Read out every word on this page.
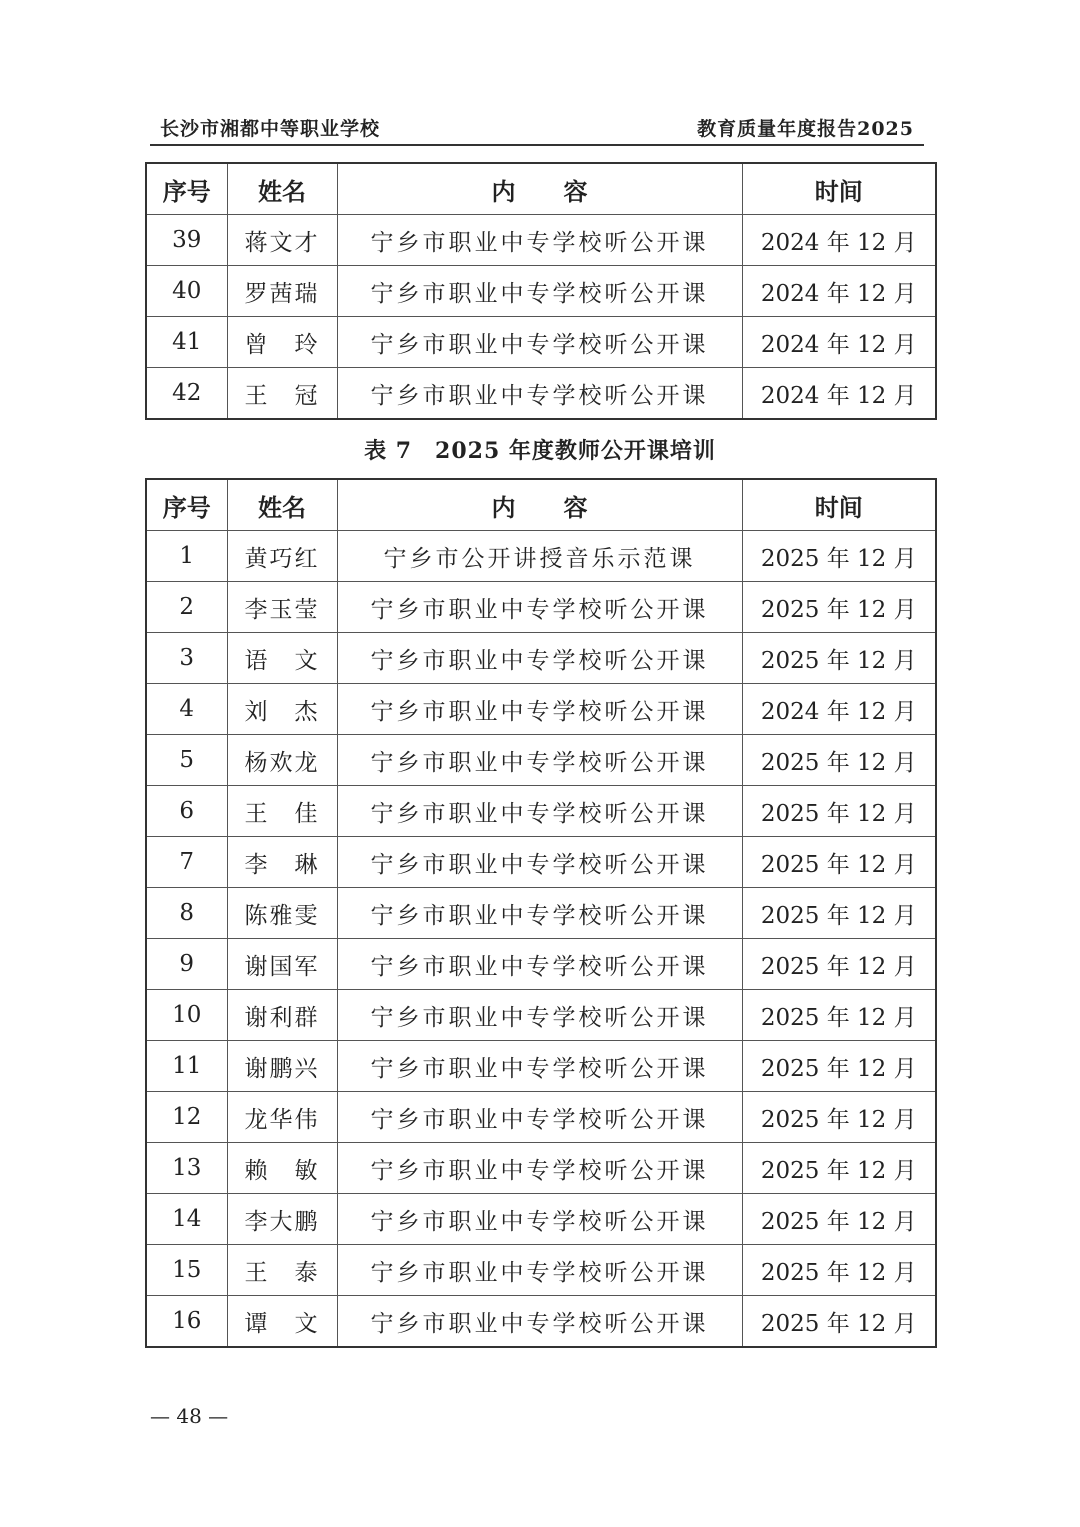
长沙市湘都中等职业学校	教育质量年度报告2025
序号	姓名	内　　容	时间
39	蒋文才	宁乡市职业中专学校听公开课	2024 年 12 月
40	罗茜瑞	宁乡市职业中专学校听公开课	2024 年 12 月
41	曾　玲	宁乡市职业中专学校听公开课	2024 年 12 月
42	王　冠	宁乡市职业中专学校听公开课	2024 年 12 月
表 7　2025 年度教师公开课培训
序号	姓名	内　　容	时间
1	黄巧红	宁乡市公开讲授音乐示范课	2025 年 12 月
2	李玉莹	宁乡市职业中专学校听公开课	2025 年 12 月
3	语　文	宁乡市职业中专学校听公开课	2025 年 12 月
4	刘　杰	宁乡市职业中专学校听公开课	2024 年 12 月
5	杨欢龙	宁乡市职业中专学校听公开课	2025 年 12 月
6	王　佳	宁乡市职业中专学校听公开课	2025 年 12 月
7	李　琳	宁乡市职业中专学校听公开课	2025 年 12 月
8	陈雅雯	宁乡市职业中专学校听公开课	2025 年 12 月
9	谢国军	宁乡市职业中专学校听公开课	2025 年 12 月
10	谢利群	宁乡市职业中专学校听公开课	2025 年 12 月
11	谢鹏兴	宁乡市职业中专学校听公开课	2025 年 12 月
12	龙华伟	宁乡市职业中专学校听公开课	2025 年 12 月
13	赖　敏	宁乡市职业中专学校听公开课	2025 年 12 月
14	李大鹏	宁乡市职业中专学校听公开课	2025 年 12 月
15	王　泰	宁乡市职业中专学校听公开课	2025 年 12 月
16	谭　文	宁乡市职业中专学校听公开课	2025 年 12 月
— 48 —
